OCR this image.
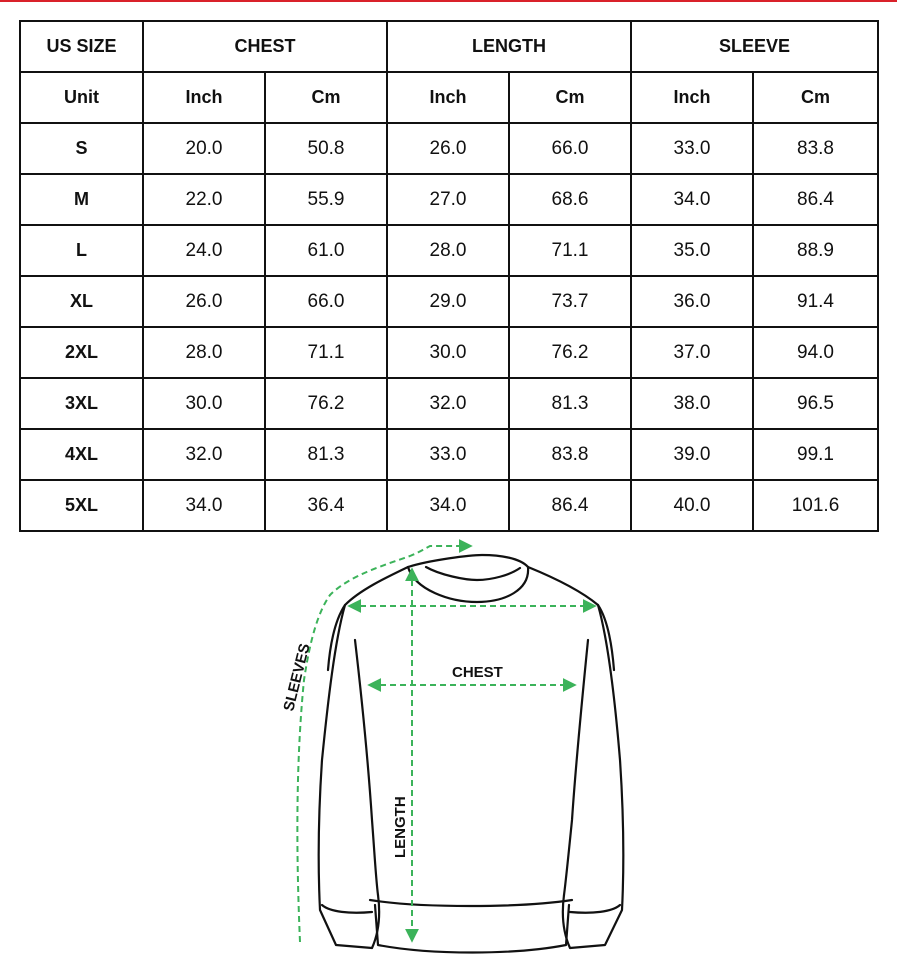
US SIZE	CHEST		LENGTH		SLEEVE	
Unit	Inch	Cm	Inch	Cm	Inch	Cm
S	20.0	50.8	26.0	66.0	33.0	83.8
M	22.0	55.9	27.0	68.6	34.0	86.4
L	24.0	61.0	28.0	71.1	35.0	88.9
XL	26.0	66.0	29.0	73.7	36.0	91.4
2XL	28.0	71.1	30.0	76.2	37.0	94.0
3XL	30.0	76.2	32.0	81.3	38.0	96.5
4XL	32.0	81.3	33.0	83.8	39.0	99.1
5XL	34.0	36.4	34.0	86.4	40.0	101.6
CHEST
LENGTH
SLEEVES
